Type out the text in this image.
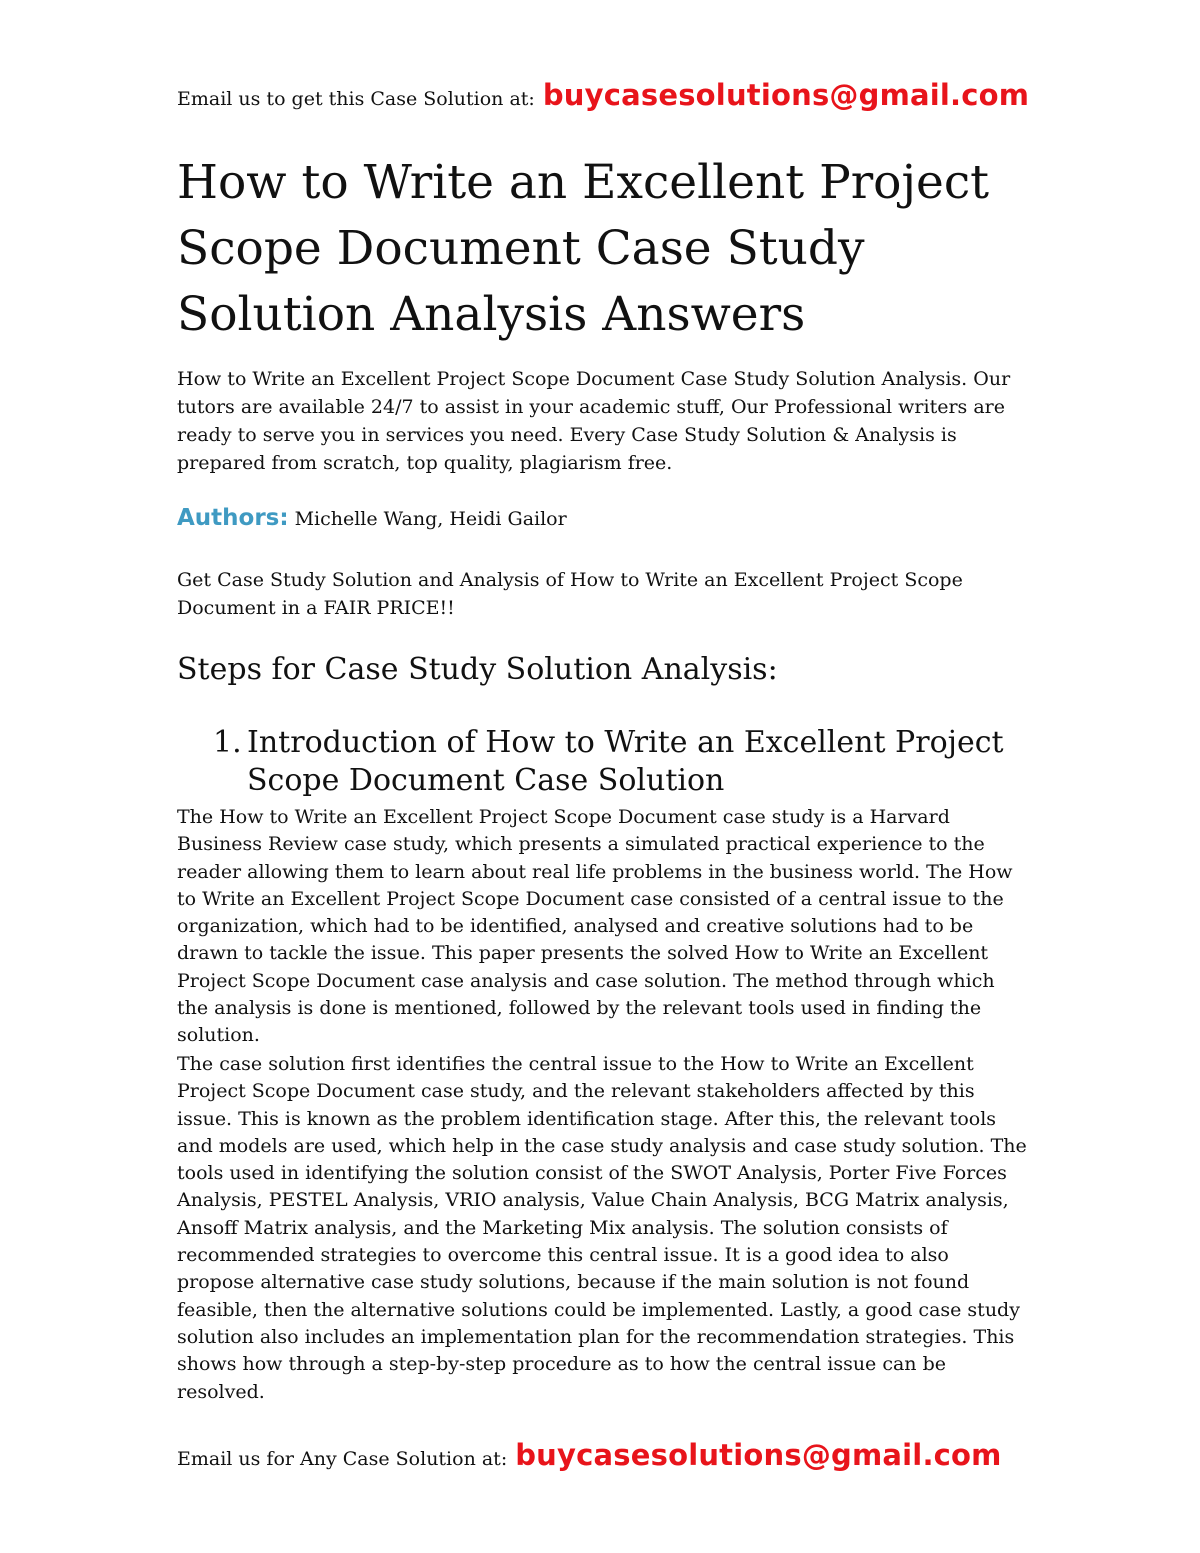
Email us to get this Case Solution at: buycasesolutions@gmail.com
How to Write an Excellent Project Scope Document Case Study Solution Analysis Answers

How to Write an Excellent Project Scope Document Case Study Solution Analysis. Our tutors are available 24/7 to assist in your academic stuff, Our Professional writers are ready to serve you in services you need. Every Case Study Solution & Analysis is prepared from scratch, top quality, plagiarism free.

Authors: Michelle Wang, Heidi Gailor

Get Case Study Solution and Analysis of How to Write an Excellent Project Scope Document in a FAIR PRICE!!

Steps for Case Study Solution Analysis:
1. Introduction of How to Write an Excellent Project Scope Document Case Solution

The How to Write an Excellent Project Scope Document case study is a Harvard Business Review case study, which presents a simulated practical experience to the reader allowing them to learn about real life problems in the business world. The How to Write an Excellent Project Scope Document case consisted of a central issue to the organization, which had to be identified, analysed and creative solutions had to be drawn to tackle the issue. This paper presents the solved How to Write an Excellent Project Scope Document case analysis and case solution. The method through which the analysis is done is mentioned, followed by the relevant tools used in finding the solution.

The case solution first identifies the central issue to the How to Write an Excellent Project Scope Document case study, and the relevant stakeholders affected by this issue. This is known as the problem identification stage. After this, the relevant tools and models are used, which help in the case study analysis and case study solution. The tools used in identifying the solution consist of the SWOT Analysis, Porter Five Forces Analysis, PESTEL Analysis, VRIO analysis, Value Chain Analysis, BCG Matrix analysis, Ansoff Matrix analysis, and the Marketing Mix analysis. The solution consists of recommended strategies to overcome this central issue. It is a good idea to also propose alternative case study solutions, because if the main solution is not found feasible, then the alternative solutions could be implemented. Lastly, a good case study solution also includes an implementation plan for the recommendation strategies. This shows how through a step-by-step procedure as to how the central issue can be resolved.

Email us for Any Case Solution at: buycasesolutions@gmail.com
